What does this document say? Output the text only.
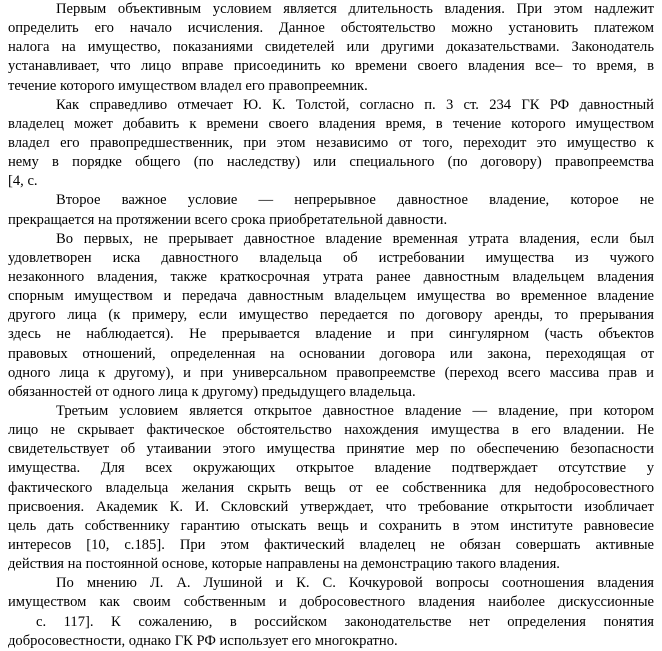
Первым объективным условием является длительность владения. При этом надлежит
определить его начало исчисления. Данное обстоятельство можно установить платежом
налога на имущество, показаниями свидетелей или другими доказательствами. Законодатель
устанавливает, что лицо вправе присоединить ко времени своего владения все– то время, в
течение которого имуществом владел его правопреемник.
Как справедливо отмечает Ю. К. Толстой, согласно п. 3 ст. 234 ГК РФ давностный
владелец может добавить к времени своего владения время, в течение которого имуществом
владел его правопредшественник, при этом независимо от того, переходит это имущество к
нему в порядке общего (по наследству) или специального (по договору) правопреемства
[4, с.
Второе важное условие — непрерывное давностное владение, которое не
прекращается на протяжении всего срока приобретательной давности.
Во первых, не прерывает давностное владение временная утрата владения, если был
удовлетворен иска давностного владельца об истребовании имущества из чужого
незаконного владения, также краткосрочная утрата ранее давностным владельцем владения
спорным имуществом и передача давностным владельцем имущества во временное владение
другого лица (к примеру, если имущество передается по договору аренды, то прерывания
здесь не наблюдается). Не прерывается владение и при сингулярном (часть объектов
правовых отношений, определенная на основании договора или закона, переходящая от
одного лица к другому), и при универсальном правопреемстве (переход всего массива прав и
обязанностей от одного лица к другому) предыдущего владельца.
Третьим условием является открытое давностное владение — владение, при котором
лицо не скрывает фактическое обстоятельство нахождения имущества в его владении. Не
свидетельствует об утаивании этого имущества принятие мер по обеспечению безопасности
имущества. Для всех окружающих открытое владение подтверждает отсутствие у
фактического владельца желания скрыть вещь от ее собственника для недобросовестного
присвоения. Академик К. И. Скловский утверждает, что требование открытости изобличает
цель дать собственнику гарантию отыскать вещь и сохранить в этом институте равновесие
интересов [10, с.185]. При этом фактический владелец не обязан совершать активные
действия на постоянной основе, которые направлены на демонстрацию такого владения.
По мнению Л. А. Лушиной и К. С. Кочкуровой вопросы соотношения владения
имуществом как своим собственным и добросовестного владения наиболее дискуссионные
с. 117]. К сожалению, в российском законодательстве нет определения понятия
добросовестности, однако ГК РФ использует его многократно.
